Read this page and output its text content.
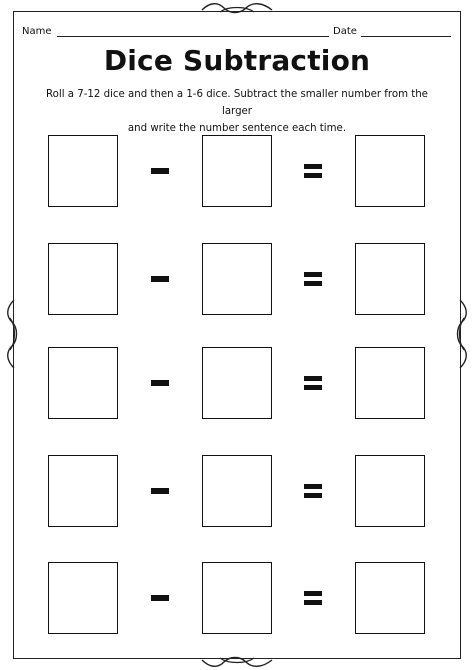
Name	Date
Dice Subtraction
Roll a 7-12 dice and then a 1-6 dice. Subtract the smaller number from the larger
and write the number sentence each time.
